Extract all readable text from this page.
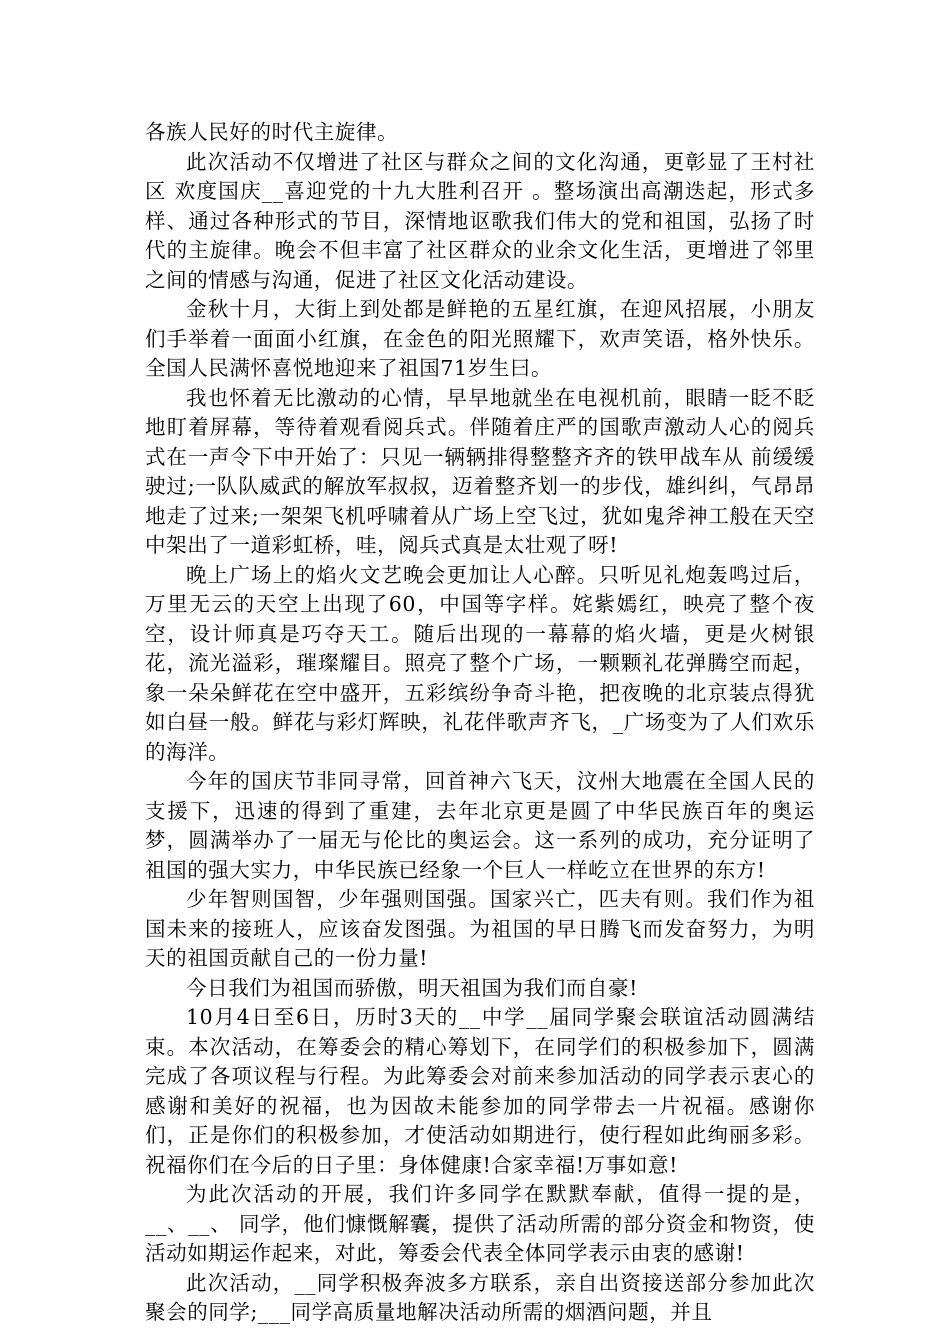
各族人民好的时代主旋律。

此次活动不仅增进了社区与群众之间的文化沟通，更彰显了王村社区 欢度国庆__喜迎党的十九大胜利召开 。整场演出高潮迭起，形式多样、通过各种形式的节目，深情地讴歌我们伟大的党和祖国，弘扬了时代的主旋律。晚会不但丰富了社区群众的业余文化生活，更增进了邻里之间的情感与沟通，促进了社区文化活动建设。

金秋十月，大街上到处都是鲜艳的五星红旗，在迎风招展，小朋友们手举着一面面小红旗，在金色的阳光照耀下，欢声笑语，格外快乐。全国人民满怀喜悦地迎来了祖国71岁生曰。

我也怀着无比激动的心情，早早地就坐在电视机前，眼睛一眨不眨地盯着屏幕，等待着观看阅兵式。伴随着庄严的国歌声激动人心的阅兵式在一声令下中开始了：只见一辆辆排得整整齐齐的铁甲战车从 前缓缓驶过;一队队威武的解放军叔叔，迈着整齐划一的步伐，雄纠纠，气昂昂地走了过来;一架架飞机呼啸着从广场上空飞过，犹如鬼斧神工般在天空中架出了一道彩虹桥，哇，阅兵式真是太壮观了呀!

晚上广场上的焰火文艺晚会更加让人心醉。只听见礼炮轰鸣过后，万里无云的天空上出现了60，中国等字样。姹紫嫣红，映亮了整个夜空，设计师真是巧夺天工。随后出现的一幕幕的焰火墙，更是火树银花，流光溢彩，璀璨耀目。照亮了整个广场，一颗颗礼花弹腾空而起，象一朵朵鲜花在空中盛开，五彩缤纷争奇斗艳，把夜晚的北京装点得犹如白昼一般。鲜花与彩灯辉映，礼花伴歌声齐飞，_广场变为了人们欢乐的海洋。

今年的国庆节非同寻常，回首神六飞天，汶州大地震在全国人民的支援下，迅速的得到了重建，去年北京更是圆了中华民族百年的奥运梦，圆满举办了一届无与伦比的奥运会。这一系列的成功，充分证明了祖国的强大实力，中华民族已经象一个巨人一样屹立在世界的东方!

少年智则国智，少年强则国强。国家兴亡，匹夫有则。我们作为祖国未来的接班人，应该奋发图强。为祖国的早日腾飞而发奋努力，为明天的祖国贡献自己的一份力量!

今日我们为祖国而骄傲，明天祖国为我们而自豪!

10月4日至6日，历时3天的__中学__届同学聚会联谊活动圆满结束。本次活动，在筹委会的精心筹划下，在同学们的积极参加下，圆满完成了各项议程与行程。为此筹委会对前来参加活动的同学表示衷心的感谢和美好的祝福，也为因故未能参加的同学带去一片祝福。感谢你们，正是你们的积极参加，才使活动如期进行，使行程如此绚丽多彩。祝福你们在今后的日子里：身体健康!合家幸福!万事如意!

为此次活动的开展，我们许多同学在默默奉献，值得一提的是，__、__、 同学，他们慷慨解囊，提供了活动所需的部分资金和物资，使活动如期运作起来，对此，筹委会代表全体同学表示由衷的感谢!

此次活动，__同学积极奔波多方联系，亲自出资接送部分参加此次聚会的同学;___同学高质量地解决活动所需的烟酒问题，并且
